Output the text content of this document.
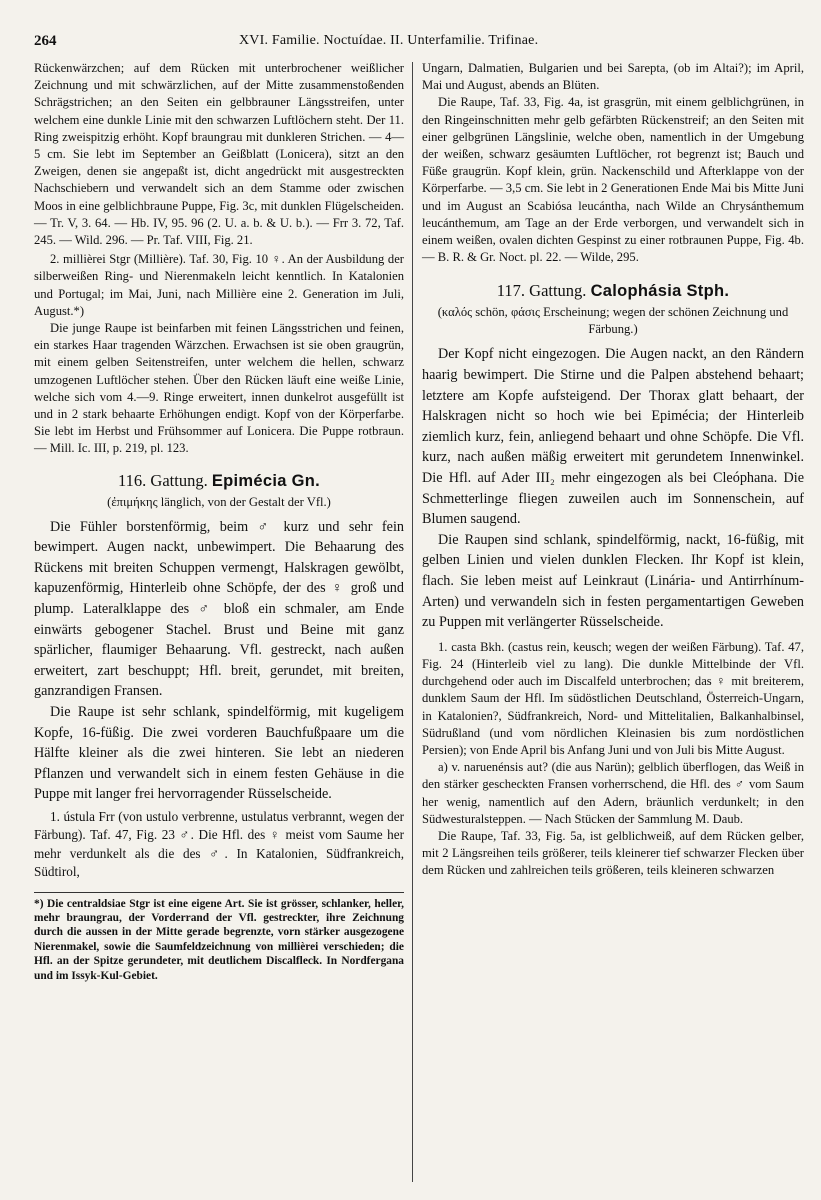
264	XVI. Familie. Noctuídae. II. Unterfamilie. Trifinae.

Rückenwärzchen; auf dem Rücken mit unterbrochener weißlicher Zeichnung und mit schwärzlichen, auf der Mitte zusammenstoßenden Schrägstrichen; an den Seiten ein gelbbrauner Längsstreifen, unter welchem eine dunkle Linie mit den schwarzen Luftlöchern steht. Der 11. Ring zweispitzig erhöht. Kopf braungrau mit dunkleren Strichen. — 4—5 cm. Sie lebt im September an Geißblatt (Lonicera), sitzt an den Zweigen, denen sie angepaßt ist, dicht angedrückt mit ausgestreckten Nachschiebern und verwandelt sich an dem Stamme oder zwischen Moos in eine gelblichbraune Puppe, Fig. 3c, mit dunklen Flügelscheiden. — Tr. V, 3. 64. — Hb. IV, 95. 96 (2. U. a. b. & U. b.). — Frr 3. 72, Taf. 245. — Wild. 296. — Pr. Taf. VIII, Fig. 21.

2. millièrei Stgr (Millière). Taf. 30, Fig. 10 ♀. An der Ausbildung der silberweißen Ring- und Nierenmakeln leicht kenntlich. In Katalonien und Portugal; im Mai, Juni, nach Millière eine 2. Generation im Juli, August.*)

Die junge Raupe ist beinfarben mit feinen Längsstrichen und feinen, ein starkes Haar tragenden Wärzchen. Erwachsen ist sie oben graugrün, mit einem gelben Seitenstreifen, unter welchem die hellen, schwarz umzogenen Luftlöcher stehen. Über den Rücken läuft eine weiße Linie, welche sich vom 4.—9. Ringe erweitert, innen dunkelrot ausgefüllt ist und in 2 stark behaarte Erhöhungen endigt. Kopf von der Körperfarbe. Sie lebt im Herbst und Frühsommer auf Lonicera. Die Puppe rotbraun. — Mill. Ic. III, p. 219, pl. 123.

116. Gattung. Epimécia Gn.
(ἐπιμήκης länglich, von der Gestalt der Vfl.)

Die Fühler borstenförmig, beim ♂ kurz und sehr fein bewimpert. Augen nackt, unbewimpert. Die Behaarung des Rückens mit breiten Schuppen vermengt, Halskragen gewölbt, kapuzenförmig, Hinterleib ohne Schöpfe, der des ♀ groß und plump. Lateralklappe des ♂ bloß ein schmaler, am Ende einwärts gebogener Stachel. Brust und Beine mit ganz spärlicher, flaumiger Behaarung. Vfl. gestreckt, nach außen erweitert, zart beschuppt; Hfl. breit, gerundet, mit breiten, ganzrandigen Fransen.

Die Raupe ist sehr schlank, spindelförmig, mit kugeligem Kopfe, 16-füßig. Die zwei vorderen Bauchfußpaare um die Hälfte kleiner als die zwei hinteren. Sie lebt an niederen Pflanzen und verwandelt sich in einem festen Gehäuse in die Puppe mit langer frei hervorragender Rüsselscheide.

1. ústula Frr (von ustulo verbrenne, ustulatus verbrannt, wegen der Färbung). Taf. 47, Fig. 23 ♂. Die Hfl. des ♀ meist vom Saume her mehr verdunkelt als die des ♂. In Katalonien, Südfrankreich, Südtirol,

*) Die centraldsiae Stgr ist eine eigene Art. Sie ist grösser, schlanker, heller, mehr braungrau, der Vorderrand der Vfl. gestreckter, ihre Zeichnung durch die aussen in der Mitte gerade begrenzte, vorn stärker ausgezogene Nierenmakel, sowie die Saumfeldzeichnung von millièrei verschieden; die Hfl. an der Spitze gerundeter, mit deutlichem Discalfleck. In Nordfergana und im Issyk-Kul-Gebiet.

Ungarn, Dalmatien, Bulgarien und bei Sarepta, (ob im Altai?); im April, Mai und August, abends an Blüten.

Die Raupe, Taf. 33, Fig. 4a, ist grasgrün, mit einem gelblichgrünen, in den Ringeinschnitten mehr gelb gefärbten Rückenstreif; an den Seiten mit einer gelbgrünen Längslinie, welche oben, namentlich in der Umgebung der weißen, schwarz gesäumten Luftlöcher, rot begrenzt ist; Bauch und Füße graugrün. Kopf klein, grün. Nackenschild und Afterklappe von der Körperfarbe. — 3,5 cm. Sie lebt in 2 Generationen Ende Mai bis Mitte Juni und im August an Scabiósa leucántha, nach Wilde an Chrysánthemum leucánthemum, am Tage an der Erde verborgen, und verwandelt sich in einem weißen, ovalen dichten Gespinst zu einer rotbraunen Puppe, Fig. 4b. — B. R. & Gr. Noct. pl. 22. — Wilde, 295.

117. Gattung. Calophásia Stph.
(καλός schön, φάσις Erscheinung; wegen der schönen Zeichnung und Färbung.)

Der Kopf nicht eingezogen. Die Augen nackt, an den Rändern haarig bewimpert. Die Stirne und die Palpen abstehend behaart; letztere am Kopfe aufsteigend. Der Thorax glatt behaart, der Halskragen nicht so hoch wie bei Epimécia; der Hinterleib ziemlich kurz, fein, anliegend behaart und ohne Schöpfe. Die Vfl. kurz, nach außen mäßig erweitert mit gerundetem Innenwinkel. Die Hfl. auf Ader III₂ mehr eingezogen als bei Cleóphana. Die Schmetterlinge fliegen zuweilen auch im Sonnenschein, auf Blumen saugend.

Die Raupen sind schlank, spindelförmig, nackt, 16-füßig, mit gelben Linien und vielen dunklen Flecken. Ihr Kopf ist klein, flach. Sie leben meist auf Leinkraut (Linária- und Antirrhínum-Arten) und verwandeln sich in festen pergamentartigen Geweben zu Puppen mit verlängerter Rüsselscheide.

1. casta Bkh. (castus rein, keusch; wegen der weißen Färbung). Taf. 47, Fig. 24 (Hinterleib viel zu lang). Die dunkle Mittelbinde der Vfl. durchgehend oder auch im Discalfeld unterbrochen; das ♀ mit breiterem, dunklem Saum der Hfl. Im südöstlichen Deutschland, Österreich-Ungarn, in Katalonien?, Südfrankreich, Nord- und Mittelitalien, Balkanhalbinsel, Südrußland (und vom nördlichen Kleinasien bis zum nordöstlichen Persien); von Ende April bis Anfang Juni und von Juli bis Mitte August.

a) v. naruenénsis aut? (die aus Narün); gelblich überflogen, das Weiß in den stärker gescheckten Fransen vorherrschend, die Hfl. des ♂ vom Saum her wenig, namentlich auf den Adern, bräunlich verdunkelt; in den Südwesturalsteppen. — Nach Stücken der Sammlung M. Daub.

Die Raupe, Taf. 33, Fig. 5a, ist gelblichweiß, auf dem Rücken gelber, mit 2 Längsreihen teils größerer, teils kleinerer tief schwarzer Flecken über dem Rücken und zahlreichen teils größeren, teils kleineren schwarzen
